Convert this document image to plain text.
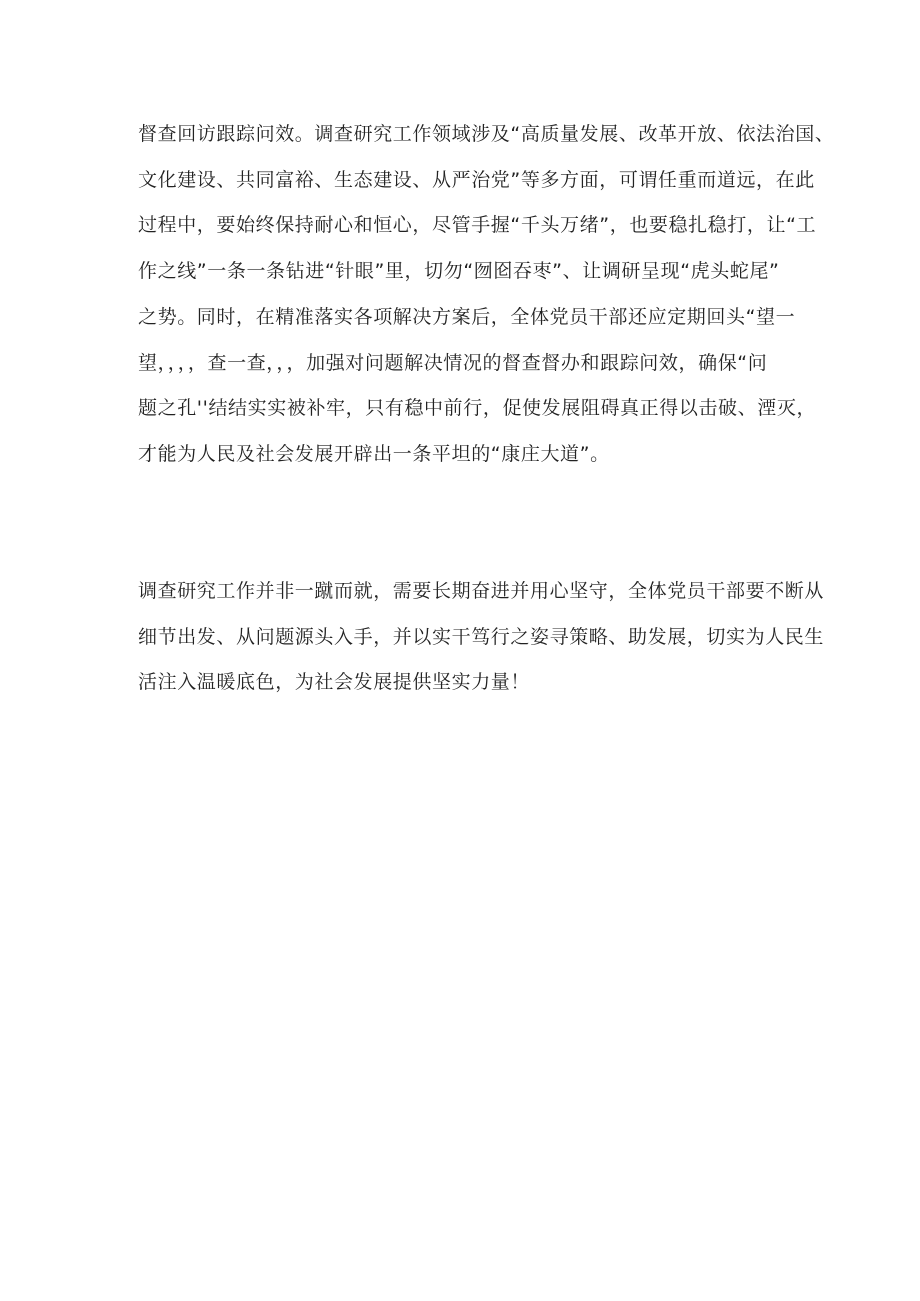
督查回访跟踪问效。调查研究工作领域涉及“高质量发展、改革开放、依法治国、
文化建设、共同富裕、生态建设、从严治党”等多方面，可谓任重而道远，在此
过程中，要始终保持耐心和恒心，尽管手握“千头万绪”，也要稳扎稳打，让“工
作之线”一条一条钻进“针眼”里，切勿“囫囵吞枣”、让调研呈现“虎头蛇尾”
之势。同时，在精准落实各项解决方案后，全体党员干部还应定期回头“望一
望，，，，查一查，，，加强对问题解决情况的督查督办和跟踪问效，确保“问
题之孔''结结实实被补牢，只有稳中前行，促使发展阻碍真正得以击破、湮灭，
才能为人民及社会发展开辟出一条平坦的“康庄大道”。
调查研究工作并非一蹴而就，需要长期奋进并用心坚守，全体党员干部要不断从
细节出发、从问题源头入手，并以实干笃行之姿寻策略、助发展，切实为人民生
活注入温暖底色，为社会发展提供坚实力量！
